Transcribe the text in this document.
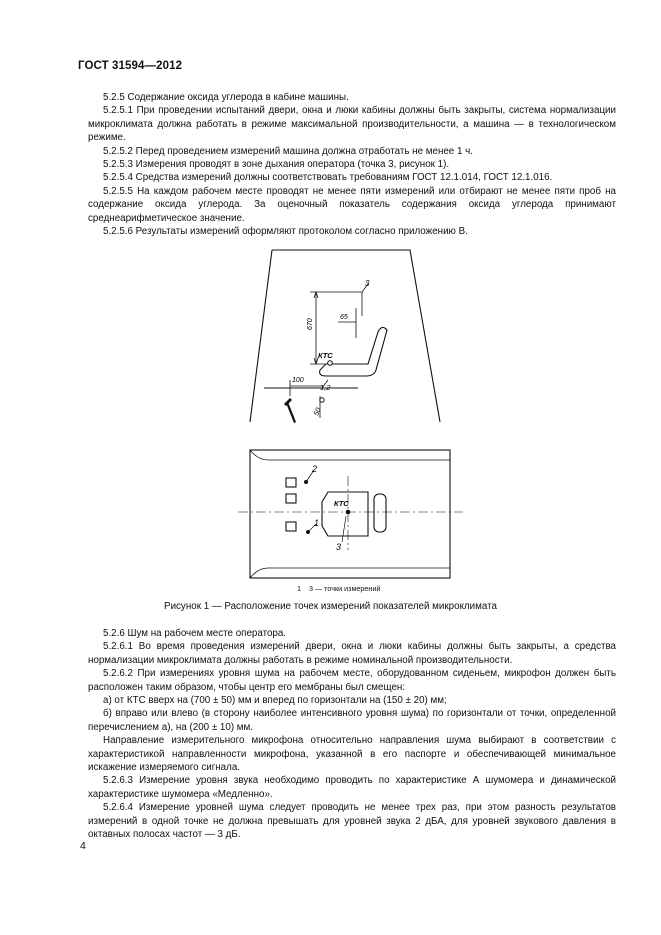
ГОСТ 31594—2012

5.2.5 Содержание оксида углерода в кабине машины.

5.2.5.1 При проведении испытаний двери, окна и люки кабины должны быть закрыты, система нормализации микроклимата должна работать в режиме максимальной производительности, а машина — в технологическом режиме.

5.2.5.2 Перед проведением измерений машина должна отработать не менее 1 ч.

5.2.5.3 Измерения проводят в зоне дыхания оператора (точка 3, рисунок 1).

5.2.5.4 Средства измерений должны соответствовать требованиям ГОСТ 12.1.014, ГОСТ 12.1.016.

5.2.5.5 На каждом рабочем месте проводят не менее пяти измерений или отбирают не менее пяти проб на содержание оксида углерода. За оценочный показатель содержания оксида углерода принимают среднеарифметическое значение.

5.2.5.6 Результаты измерений оформляют протоколом согласно приложению В.

670
65
КТС
3
1,2
100
50
2
1
3
КТС
1 3 — точки измерений
Рисунок 1 — Расположение точек измерений показателей микроклимата

5.2.6 Шум на рабочем месте оператора.

5.2.6.1 Во время проведения измерений двери, окна и люки кабины должны быть закрыты, а средства нормализации микроклимата должны работать в режиме номинальной производительности.

5.2.6.2 При измерениях уровня шума на рабочем месте, оборудованном сиденьем, микрофон должен быть расположен таким образом, чтобы центр его мембраны был смещен:

а) от КТС вверх на (700 ± 50) мм и вперед по горизонтали на (150 ± 20) мм;

б) вправо или влево (в сторону наиболее интенсивного уровня шума) по горизонтали от точки, определенной перечислением а), на (200 ± 10) мм.

Направление измерительного микрофона относительно направления шума выбирают в соответствии с характеристикой направленности микрофона, указанной в его паспорте и обеспечивающей минимальное искажение измеряемого сигнала.

5.2.6.3 Измерение уровня звука необходимо проводить по характеристике А шумомера и динамической характеристике шумомера «Медленно».

5.2.6.4 Измерение уровней шума следует проводить не менее трех раз, при этом разность результатов измерений в одной точке не должна превышать для уровней звука 2 дБА, для уровней звукового давления в октавных полосах частот — 3 дБ.

4
